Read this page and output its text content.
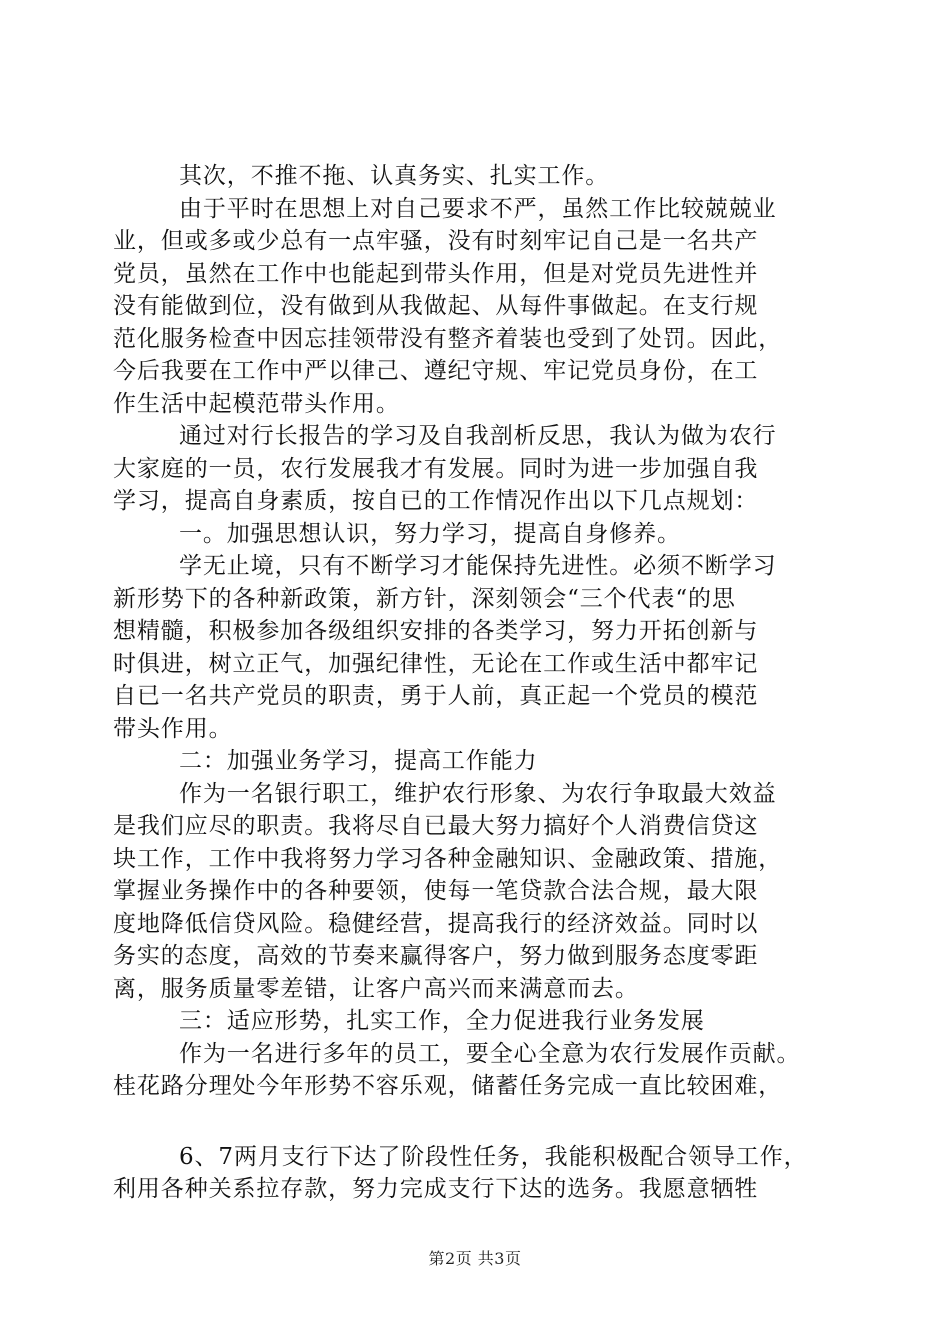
其次，不推不拖、认真务实、扎实工作。
由于平时在思想上对自己要求不严，虽然工作比较兢兢业
业，但或多或少总有一点牢骚，没有时刻牢记自己是一名共产
党员，虽然在工作中也能起到带头作用，但是对党员先进性并
没有能做到位，没有做到从我做起、从每件事做起。在支行规
范化服务检查中因忘挂领带没有整齐着装也受到了处罚。因此，
今后我要在工作中严以律己、遵纪守规、牢记党员身份，在工
作生活中起模范带头作用。
通过对行长报告的学习及自我剖析反思，我认为做为农行
大家庭的一员，农行发展我才有发展。同时为进一步加强自我
学习，提高自身素质，按自已的工作情况作出以下几点规划：
一。加强思想认识，努力学习，提高自身修养。
学无止境，只有不断学习才能保持先进性。必须不断学习
新形势下的各种新政策，新方针，深刻领会“三个代表“的思
想精髓，积极参加各级组织安排的各类学习，努力开拓创新与
时俱进，树立正气，加强纪律性，无论在工作或生活中都牢记
自已一名共产党员的职责，勇于人前，真正起一个党员的模范
带头作用。
二：加强业务学习，提高工作能力
作为一名银行职工，维护农行形象、为农行争取最大效益
是我们应尽的职责。我将尽自已最大努力搞好个人消费信贷这
块工作，工作中我将努力学习各种金融知识、金融政策、措施，
掌握业务操作中的各种要领，使每一笔贷款合法合规，最大限
度地降低信贷风险。稳健经营，提高我行的经济效益。同时以
务实的态度，高效的节奏来赢得客户，努力做到服务态度零距
离，服务质量零差错，让客户高兴而来满意而去。
三：适应形势，扎实工作，全力促进我行业务发展
作为一名进行多年的员工，要全心全意为农行发展作贡献。
桂花路分理处今年形势不容乐观，储蓄任务完成一直比较困难，
6、7两月支行下达了阶段性任务，我能积极配合领导工作，
利用各种关系拉存款，努力完成支行下达的选务。我愿意牺牲
第2页 共3页
